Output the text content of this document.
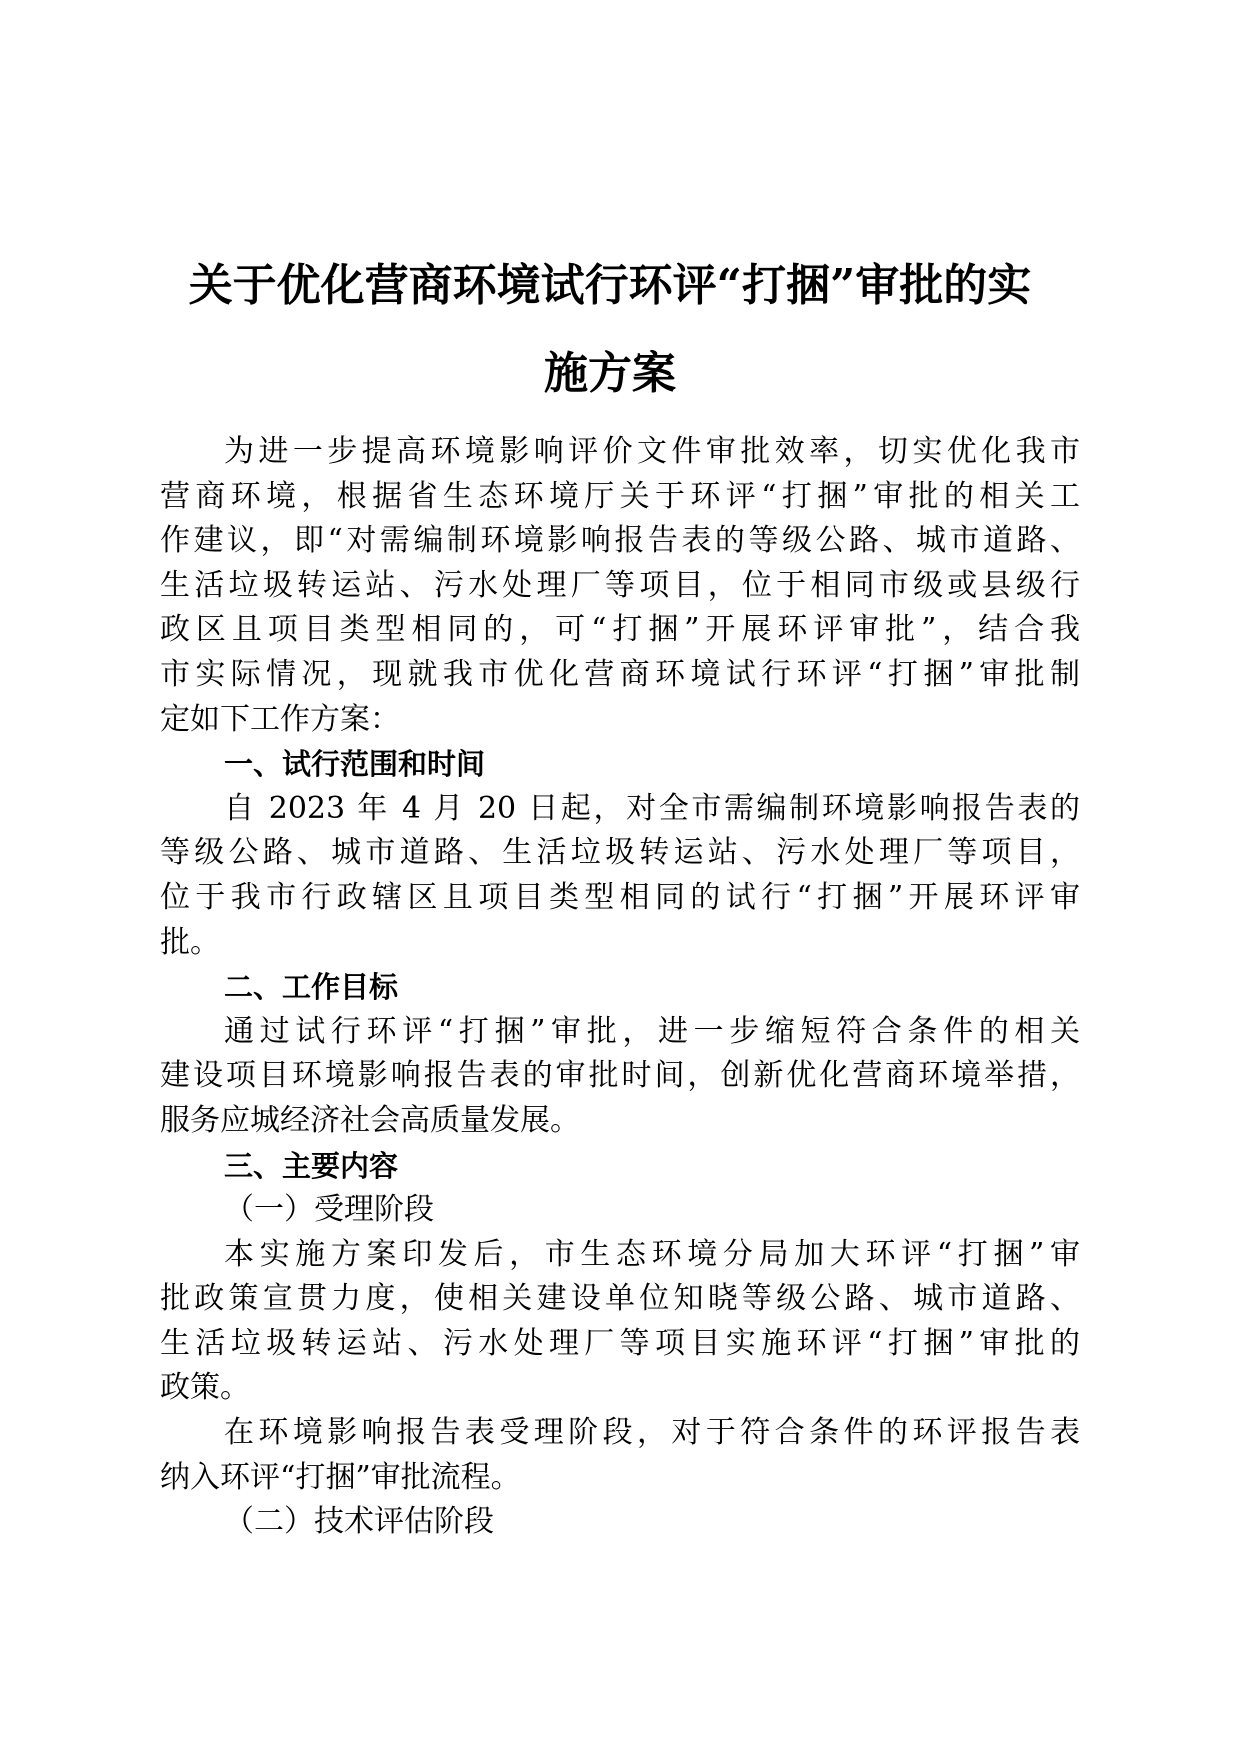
关于优化营商环境试行环评“打捆”审批的实
施方案
为进一步提高环境影响评价文件审批效率，切实优化我市
营商环境，根据省生态环境厅关于环评“打捆”审批的相关工
作建议，即“对需编制环境影响报告表的等级公路、城市道路、
生活垃圾转运站、污水处理厂等项目，位于相同市级或县级行
政区且项目类型相同的，可“打捆”开展环评审批”，结合我
市实际情况，现就我市优化营商环境试行环评“打捆”审批制
定如下工作方案：
一、试行范围和时间
自 2023 年 4 月 20 日起，对全市需编制环境影响报告表的
等级公路、城市道路、生活垃圾转运站、污水处理厂等项目，
位于我市行政辖区且项目类型相同的试行“打捆”开展环评审
批。
二、工作目标
通过试行环评“打捆”审批，进一步缩短符合条件的相关
建设项目环境影响报告表的审批时间，创新优化营商环境举措，
服务应城经济社会高质量发展。
三、主要内容
（一）受理阶段
本实施方案印发后，市生态环境分局加大环评“打捆”审
批政策宣贯力度，使相关建设单位知晓等级公路、城市道路、
生活垃圾转运站、污水处理厂等项目实施环评“打捆”审批的
政策。
在环境影响报告表受理阶段，对于符合条件的环评报告表
纳入环评“打捆”审批流程。
（二）技术评估阶段
